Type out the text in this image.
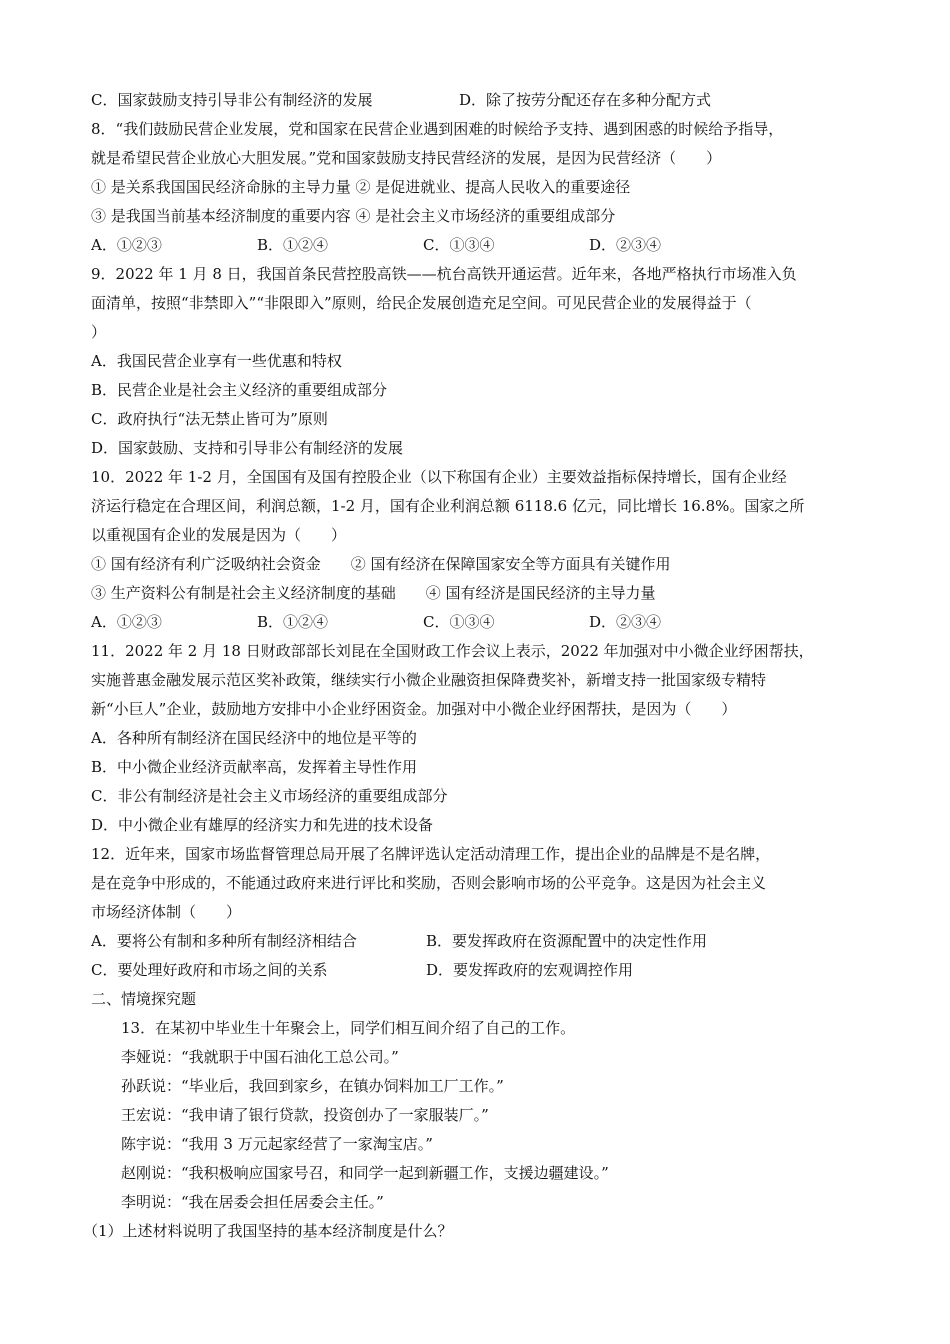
C．国家鼓励支持引导非公有制经济的发展	D．除了按劳分配还存在多种分配方式
8．“我们鼓励民营企业发展，党和国家在民营企业遇到困难的时候给予支持、遇到困惑的时候给予指导，
就是希望民营企业放心大胆发展。”党和国家鼓励支持民营经济的发展，是因为民营经济（　　）
① 是关系我国国民经济命脉的主导力量 ② 是促进就业、提高人民收入的重要途径
③ 是我国当前基本经济制度的重要内容 ④ 是社会主义市场经济的重要组成部分
A．①②③	B．①②④	C．①③④	D．②③④
9．2022 年 1 月 8 日，我国首条民营控股高铁——杭台高铁开通运营。近年来，各地严格执行市场准入负
面清单，按照“非禁即入”“非限即入”原则，给民企发展创造充足空间。可见民营企业的发展得益于（
）
A．我国民营企业享有一些优惠和特权
B．民营企业是社会主义经济的重要组成部分
C．政府执行“法无禁止皆可为”原则
D．国家鼓励、支持和引导非公有制经济的发展
10．2022 年 1-2 月，全国国有及国有控股企业（以下称国有企业）主要效益指标保持增长，国有企业经
济运行稳定在合理区间，利润总额，1-2 月，国有企业利润总额 6118.6 亿元，同比增长 16.8%。国家之所
以重视国有企业的发展是因为（　　）
① 国有经济有利广泛吸纳社会资金　　② 国有经济在保障国家安全等方面具有关键作用
③ 生产资料公有制是社会主义经济制度的基础　　④ 国有经济是国民经济的主导力量
A．①②③	B．①②④	C．①③④	D．②③④
11．2022 年 2 月 18 日财政部部长刘昆在全国财政工作会议上表示，2022 年加强对中小微企业纾困帮扶，
实施普惠金融发展示范区奖补政策，继续实行小微企业融资担保降费奖补，新增支持一批国家级专精特
新“小巨人”企业，鼓励地方安排中小企业纾困资金。加强对中小微企业纾困帮扶，是因为（　　）
A．各种所有制经济在国民经济中的地位是平等的
B．中小微企业经济贡献率高，发挥着主导性作用
C．非公有制经济是社会主义市场经济的重要组成部分
D．中小微企业有雄厚的经济实力和先进的技术设备
12．近年来，国家市场监督管理总局开展了名牌评选认定活动清理工作，提出企业的品牌是不是名牌，
是在竞争中形成的，不能通过政府来进行评比和奖励，否则会影响市场的公平竞争。这是因为社会主义
市场经济体制（　　）
A．要将公有制和多种所有制经济相结合	B．要发挥政府在资源配置中的决定性作用
C．要处理好政府和市场之间的关系	D．要发挥政府的宏观调控作用
二、情境探究题
13．在某初中毕业生十年聚会上，同学们相互间介绍了自己的工作。
李娅说：“我就职于中国石油化工总公司。”
孙跃说：“毕业后，我回到家乡，在镇办饲料加工厂工作。”
王宏说：“我申请了银行贷款，投资创办了一家服装厂。”
陈宇说：“我用 3 万元起家经营了一家淘宝店。”
赵刚说：“我积极响应国家号召，和同学一起到新疆工作，支援边疆建设。”
李明说：“我在居委会担任居委会主任。”
（1）上述材料说明了我国坚持的基本经济制度是什么？
